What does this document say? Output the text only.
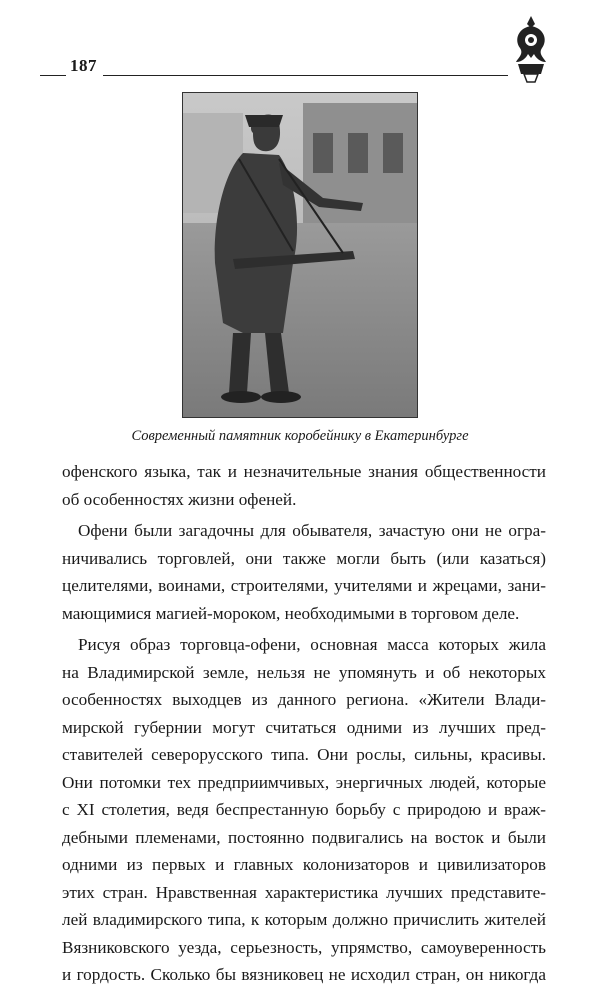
187
Современный памятник коробейнику в Екатеринбурге

офенского языка, так и незначительные знания общественности

об особенностях жизни офеней.

Офени были загадочны для обывателя, зачастую они не огра-

ничивались торговлей, они также могли быть (или казаться)

целителями, воинами, строителями, учителями и жрецами, зани-

мающимися магией-мороком, необходимыми в торговом деле.

Рисуя образ торговца-офени, основная масса которых жила

на Владимирской земле, нельзя не упомянуть и об некоторых

особенностях выходцев из данного региона. «Жители Влади-

мирской губернии могут считаться одними из лучших пред-

ставителей северорусского типа. Они рослы, сильны, красивы.

Они потомки тех предприимчивых, энергичных людей, которые

с XI столетия, ведя беспрестанную борьбу с природою и враж-

дебными племенами, постоянно подвигались на восток и были

одними из первых и главных колонизаторов и цивилизаторов

этих стран. Нравственная характеристика лучших представите-

лей владимирского типа, к которым должно причислить жителей

Вязниковского уезда, серьезность, упрямство, самоуверенность

и гордость. Сколько бы вязниковец не исходил стран, он никогда
